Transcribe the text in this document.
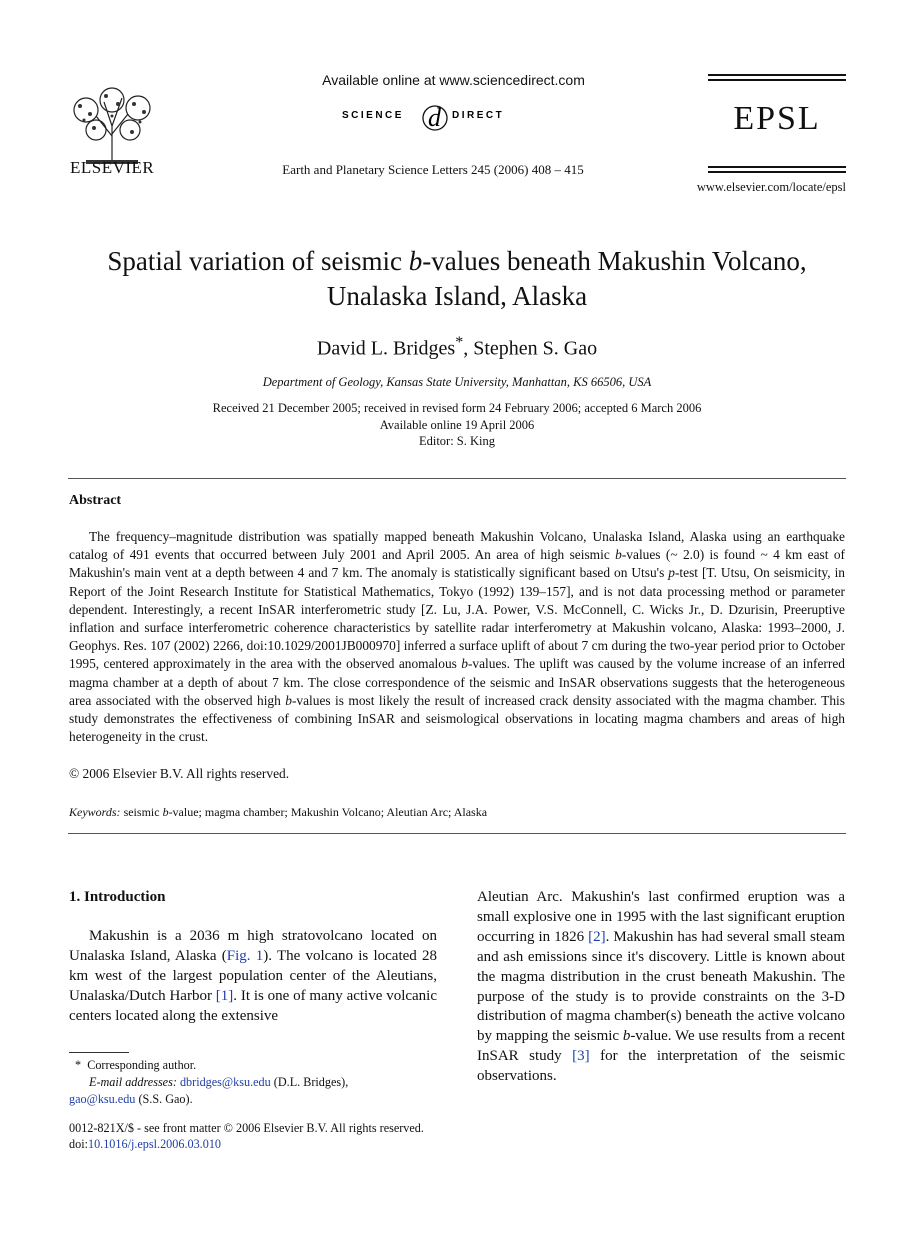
ELSEVIER
Available online at www.sciencedirect.com
SCIENCE d DIRECT
Earth and Planetary Science Letters 245 (2006) 408 – 415
EPSL
www.elsevier.com/locate/epsl
Spatial variation of seismic b-values beneath Makushin Volcano,
Unalaska Island, Alaska
David L. Bridges*, Stephen S. Gao
Department of Geology, Kansas State University, Manhattan, KS 66506, USA
Received 21 December 2005; received in revised form 24 February 2006; accepted 6 March 2006
Available online 19 April 2006
Editor: S. King
Abstract

The frequency–magnitude distribution was spatially mapped beneath Makushin Volcano, Unalaska Island, Alaska using an earthquake catalog of 491 events that occurred between July 2001 and April 2005. An area of high seismic b-values (~ 2.0) is found ~ 4 km east of Makushin's main vent at a depth between 4 and 7 km. The anomaly is statistically significant based on Utsu's p-test [T. Utsu, On seismicity, in Report of the Joint Research Institute for Statistical Mathematics, Tokyo (1992) 139–157], and is not data processing method or parameter dependent. Interestingly, a recent InSAR interferometric study [Z. Lu, J.A. Power, V.S. McConnell, C. Wicks Jr., D. Dzurisin, Preeruptive inflation and surface interferometric coherence characteristics by satellite radar interferometry at Makushin volcano, Alaska: 1993–2000, J. Geophys. Res. 107 (2002) 2266, doi:10.1029/2001JB000970] inferred a surface uplift of about 7 cm during the two-year period prior to October 1995, centered approximately in the area with the observed anomalous b-values. The uplift was caused by the volume increase of an inferred magma chamber at a depth of about 7 km. The close correspondence of the seismic and InSAR observations suggests that the heterogeneous area associated with the observed high b-values is most likely the result of increased crack density associated with the magma chamber. This study demonstrates the effectiveness of combining InSAR and seismological observations in locating magma chambers and areas of high heterogeneity in the crust.

© 2006 Elsevier B.V. All rights reserved.
Keywords: seismic b-value; magma chamber; Makushin Volcano; Aleutian Arc; Alaska
1. Introduction

Makushin is a 2036 m high stratovolcano located on Unalaska Island, Alaska (Fig. 1). The volcano is located 28 km west of the largest population center of the Aleutians, Unalaska/Dutch Harbor [1]. It is one of many active volcanic centers located along the extensive

Aleutian Arc. Makushin's last confirmed eruption was a small explosive one in 1995 with the last significant eruption occurring in 1826 [2]. Makushin has had several small steam and ash emissions since it's discovery. Little is known about the magma distribution in the crust beneath Makushin. The purpose of the study is to provide constraints on the 3-D distribution of magma chamber(s) beneath the active volcano by mapping the seismic b-value. We use results from a recent InSAR study [3] for the interpretation of the seismic observations.

*  Corresponding author.
E-mail addresses: dbridges@ksu.edu (D.L. Bridges),
gao@ksu.edu (S.S. Gao).
0012-821X/$ - see front matter © 2006 Elsevier B.V. All rights reserved.
doi:10.1016/j.epsl.2006.03.010
